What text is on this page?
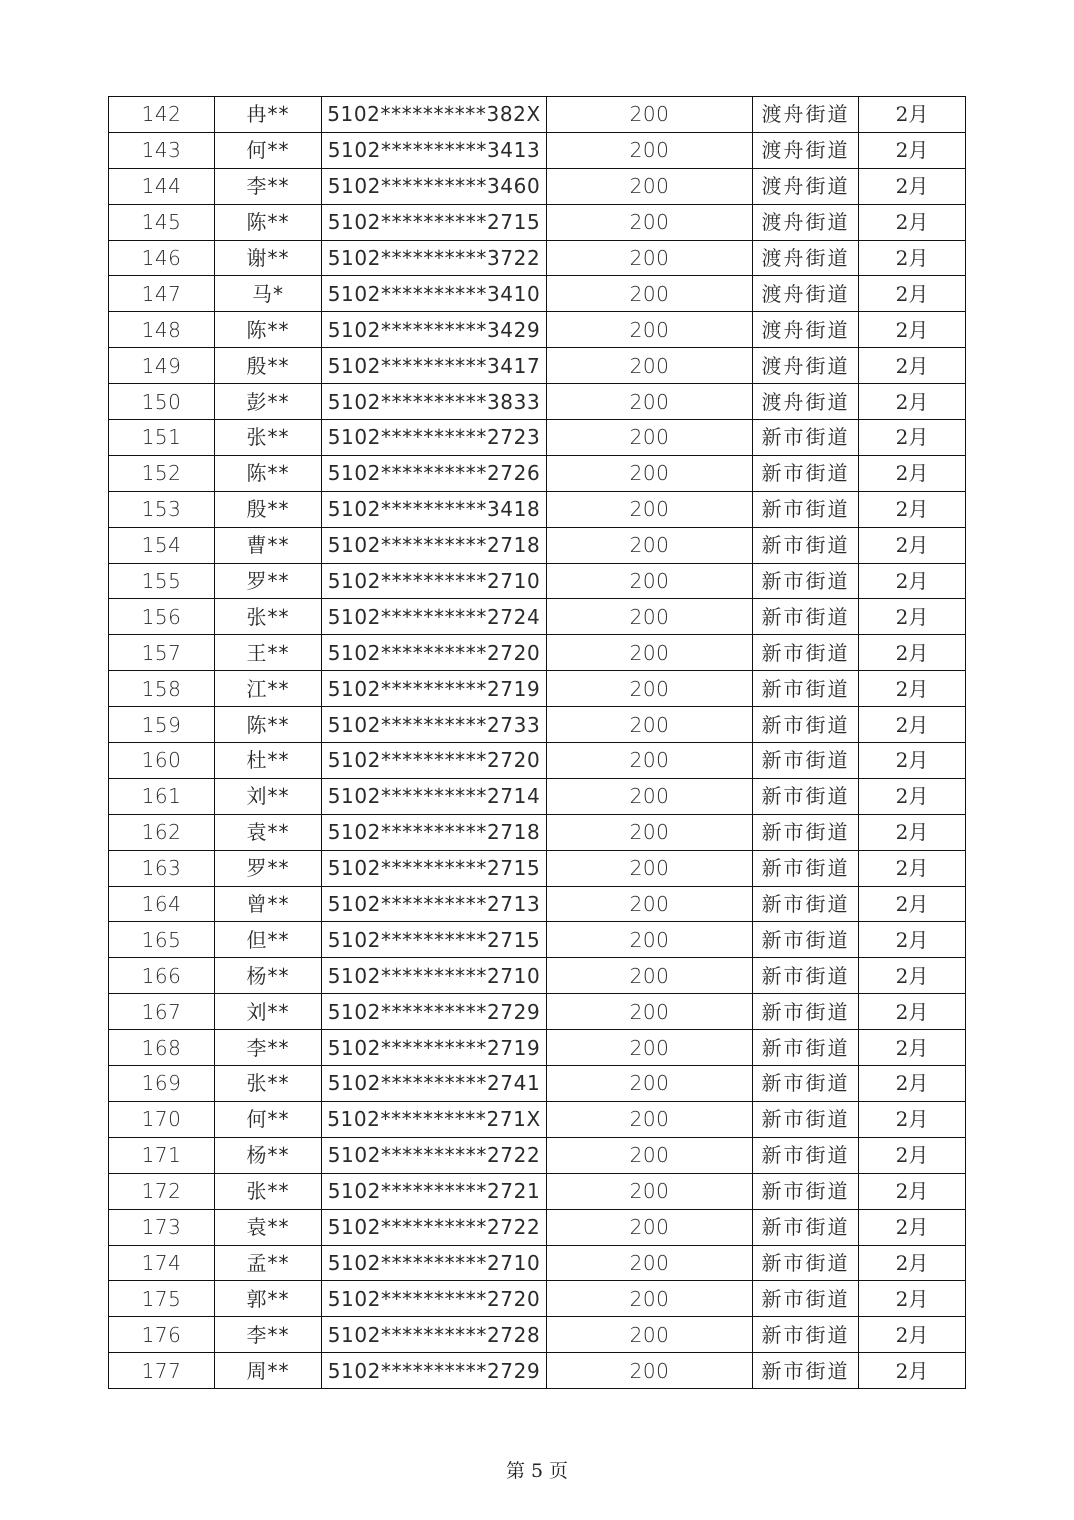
142	冉**	5102**********382X	200	渡舟街道	2月
143	何**	5102**********3413	200	渡舟街道	2月
144	李**	5102**********3460	200	渡舟街道	2月
145	陈**	5102**********2715	200	渡舟街道	2月
146	谢**	5102**********3722	200	渡舟街道	2月
147	马*	5102**********3410	200	渡舟街道	2月
148	陈**	5102**********3429	200	渡舟街道	2月
149	殷**	5102**********3417	200	渡舟街道	2月
150	彭**	5102**********3833	200	渡舟街道	2月
151	张**	5102**********2723	200	新市街道	2月
152	陈**	5102**********2726	200	新市街道	2月
153	殷**	5102**********3418	200	新市街道	2月
154	曹**	5102**********2718	200	新市街道	2月
155	罗**	5102**********2710	200	新市街道	2月
156	张**	5102**********2724	200	新市街道	2月
157	王**	5102**********2720	200	新市街道	2月
158	江**	5102**********2719	200	新市街道	2月
159	陈**	5102**********2733	200	新市街道	2月
160	杜**	5102**********2720	200	新市街道	2月
161	刘**	5102**********2714	200	新市街道	2月
162	袁**	5102**********2718	200	新市街道	2月
163	罗**	5102**********2715	200	新市街道	2月
164	曾**	5102**********2713	200	新市街道	2月
165	但**	5102**********2715	200	新市街道	2月
166	杨**	5102**********2710	200	新市街道	2月
167	刘**	5102**********2729	200	新市街道	2月
168	李**	5102**********2719	200	新市街道	2月
169	张**	5102**********2741	200	新市街道	2月
170	何**	5102**********271X	200	新市街道	2月
171	杨**	5102**********2722	200	新市街道	2月
172	张**	5102**********2721	200	新市街道	2月
173	袁**	5102**********2722	200	新市街道	2月
174	孟**	5102**********2710	200	新市街道	2月
175	郭**	5102**********2720	200	新市街道	2月
176	李**	5102**********2728	200	新市街道	2月
177	周**	5102**********2729	200	新市街道	2月
第 5 页
